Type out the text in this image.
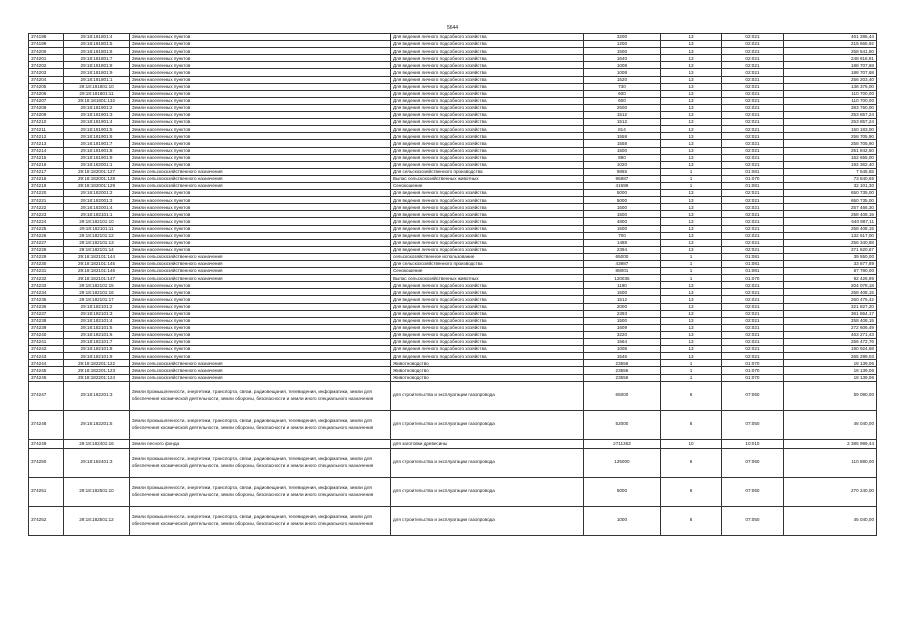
5644
374198	29:18:181801:4	Земли населенных пунктов	Для ведения личного подсобного хозяйства	3200	13	02:021	461 285,44
374199	29:18:181801:5	Земли населенных пунктов	Для ведения личного подсобного хозяйства	1200	13	02:021	215 665,92
374200	29:18:181801:6	Земли населенных пунктов	Для ведения личного подсобного хозяйства	1500	13	02:021	258 541,50
374201	29:18:181801:7	Земли населенных пунктов	Для ведения личного подсобного хозяйства	1640	13	02:021	248 616,81
374202	29:18:181801:8	Земли населенных пунктов	Для ведения личного подсобного хозяйства	1008	13	02:021	188 707,68
374203	29:18:181801:9	Земли населенных пунктов	Для ведения личного подсобного хозяйства	1008	13	02:021	188 707,68
374204	29:18:181801:1	Земли населенных пунктов	Для ведения личного подсобного хозяйства	1520	13	02:021	256 203,40
374205	29:18:181801:10	Земли населенных пунктов	Для ведения личного подсобного хозяйства	730	13	02:021	138 375,00
374206	29:18:181801:11	Земли населенных пунктов	Для ведения личного подсобного хозяйства	600	13	02:021	110 700,00
374207	29:18:181801:132	Земли населенных пунктов	Для ведения личного подсобного хозяйства	600	13	02:021	110 700,00
374208	29:18:181901:2	Земли населенных пунктов	Для ведения личного подсобного хозяйства	2600	13	02:021	383 760,00
374209	29:18:181901:3	Земли населенных пунктов	Для ведения личного подсобного хозяйства	1512	13	02:021	253 857,24
374210	29:18:181901:4	Земли населенных пунктов	Для ведения личного подсобного хозяйства	1512	13	02:021	253 857,24
374211	29:18:181901:5	Земли населенных пунктов	Для ведения личного подсобного хозяйства	814	13	02:021	150 183,00
374212	29:18:181901:6	Земли населенных пунктов	Для ведения личного подсобного хозяйства	1558	13	02:021	258 705,90
374213	29:18:181901:7	Земли населенных пунктов	Для ведения личного подсобного хозяйства	1558	13	02:021	258 705,90
374214	29:18:181901:8	Земли населенных пунктов	Для ведения личного подсобного хозяйства	1500	13	02:021	251 842,50
374215	29:18:181901:9	Земли населенных пунктов	Для ведения личного подсобного хозяйства	890	13	02:021	162 655,00
374216	29:18:182001:1	Земли населенных пунктов	Для ведения личного подсобного хозяйства	1020	13	02:021	192 362,40
374217	29:18:182001:127	Земли сельскохозяйственного назначения	Для сельскохозяйственного производства	9865	1	01:081	7 545,65
374218	29:18:182001:128	Земли сельскохозяйственного назначения	Выпас сельскохозяйственных животных	95887	1	01:070	73 840,65
374219	29:18:182001:129	Земли сельскохозяйственного назначения	Сенокошение	41699	1	01:081	32 101,30
374220	29:18:182001:2	Земли населенных пунктов	Для ведения личного подсобного хозяйства	5000	13	02:021	650 735,00
374221	29:18:182001:3	Земли населенных пунктов	Для ведения личного подсобного хозяйства	5000	13	02:021	650 735,00
374222	29:18:182001:4	Земли населенных пунктов	Для ведения личного подсобного хозяйства	1500	13	02:021	257 466,30
374223	29:18:182101:1	Земли населенных пунктов	Для ведения личного подсобного хозяйства	1500	13	02:021	258 408,15
374224	29:18:182101:10	Земли населенных пунктов	Для ведения личного подсобного хозяйства	4800	13	02:021	640 887,11
374225	29:18:182101:11	Земли населенных пунктов	Для ведения личного подсобного хозяйства	1500	13	02:021	258 408,15
374226	29:18:182101:12	Земли населенных пунктов	Для ведения личного подсобного хозяйства	700	13	02:021	132 517,00
374227	29:18:182101:13	Земли населенных пунктов	Для ведения личного подсобного хозяйства	1488	13	02:021	256 340,88
374228	29:18:182101:14	Земли населенных пунктов	Для ведения личного подсобного хозяйства	2394	13	02:021	371 620,67
374229	29:18:182101:144	Земли сельскохозяйственного назначения	сельскохозяйственное использование	65000	1	01:081	39 550,00
374230	29:18:182101:145	Земли сельскохозяйственного назначения	Для сельскохозяйственного производства	43987	1	01:081	33 877,89
374231	29:18:182101:146	Земли сельскохозяйственного назначения	Сенокошение	88001	1	01:081	67 780,00
374232	29:18:182101:147	Земли сельскохозяйственного назначения	Выпас сельскохозяйственных животных	120035	1	01:070	92 426,95
374233	29:18:182101:15	Земли населенных пунктов	Для ведения личного подсобного хозяйства	1190	13	02:021	204 078,18
374234	29:18:182101:16	Земли населенных пунктов	Для ведения личного подсобного хозяйства	1500	13	02:021	258 408,15
374235	29:18:182101:17	Земли населенных пунктов	Для ведения личного подсобного хозяйства	1512	13	02:021	260 475,42
374236	29:18:182101:2	Земли населенных пунктов	Для ведения личного подсобного хозяйства	2000	13	02:021	321 827,20
374237	29:18:182101:3	Земли населенных пунктов	Для ведения личного подсобного хозяйства	2393	13	02:021	361 864,17
374238	29:18:182101:4	Земли населенных пунктов	Для ведения личного подсобного хозяйства	1500	13	02:021	258 408,15
374239	29:18:182101:5	Земли населенных пунктов	Для ведения личного подсобного хозяйства	1609	13	02:021	272 606,49
374240	29:18:182101:6	Земли населенных пунктов	Для ведения личного подсобного хозяйства	3220	13	02:021	463 271,43
374241	29:18:182101:7	Земли населенных пунктов	Для ведения личного подсобного хозяйства	1564	13	02:021	266 472,76
374242	29:18:182101:8	Земли населенных пунктов	Для ведения личного подсобного хозяйства	1008	13	02:021	190 924,68
374243	29:18:182101:9	Земли населенных пунктов	Для ведения личного подсобного хозяйства	1546	13	02:021	265 299,03
374244	29:18:182201:122	Земли сельскохозяйственного назначения	Животноводство	23556	1	01:070	18 139,06
374245	29:18:182201:123	Земли сельскохозяйственного назначения	Животноводство	23556	1	01:070	18 139,06
374246	29:18:182201:124	Земли сельскохозяйственного назначения	Животноводство	23556	1	01:070	18 139,06
374247	29:18:182201:3	Земли промышленности, энергетики, транспорта, связи, радиовещания, телевидения, информатики, земли для обеспечения космической деятельности, земли обороны, безопасности и земли иного специального назначения	для строительства и эксплуатации газопровода	65000	6	07:050	59 090,00
374248	29:18:182201:5	Земли промышленности, энергетики, транспорта, связи, радиовещания, телевидения, информатики, земли для обеспечения космической деятельности, земли обороны, безопасности и земли иного специального назначения	для строительства и эксплуатации газопровода	52000	6	07:050	48 040,00
374249	29:18:182401:16	Земли лесного фонда	для заготовки древесины	2711363	10	10:010	2 385 999,44
374250	29:18:182401:3	Земли промышленности, энергетики, транспорта, связи, радиовещания, телевидения, информатики, земли для обеспечения космической деятельности, земли обороны, безопасности и земли иного специального назначения	для строительства и эксплуатации газопровода	125000	6	07:050	110 880,00
374251	29:18:182501:10	Земли промышленности, энергетики, транспорта, связи, радиовещания, телевидения, информатики, земли для обеспечения космической деятельности, земли обороны, безопасности и земли иного специального назначения	для строительства и эксплуатации газопровода	5000	6	07:050	270 240,00
374252	29:18:182501:12	Земли промышленности, энергетики, транспорта, связи, радиовещания, телевидения, информатики, земли для обеспечения космической деятельности, земли обороны, безопасности и земли иного специального назначения	для строительства и эксплуатации газопровода	1000	6	07:050	45 040,00
